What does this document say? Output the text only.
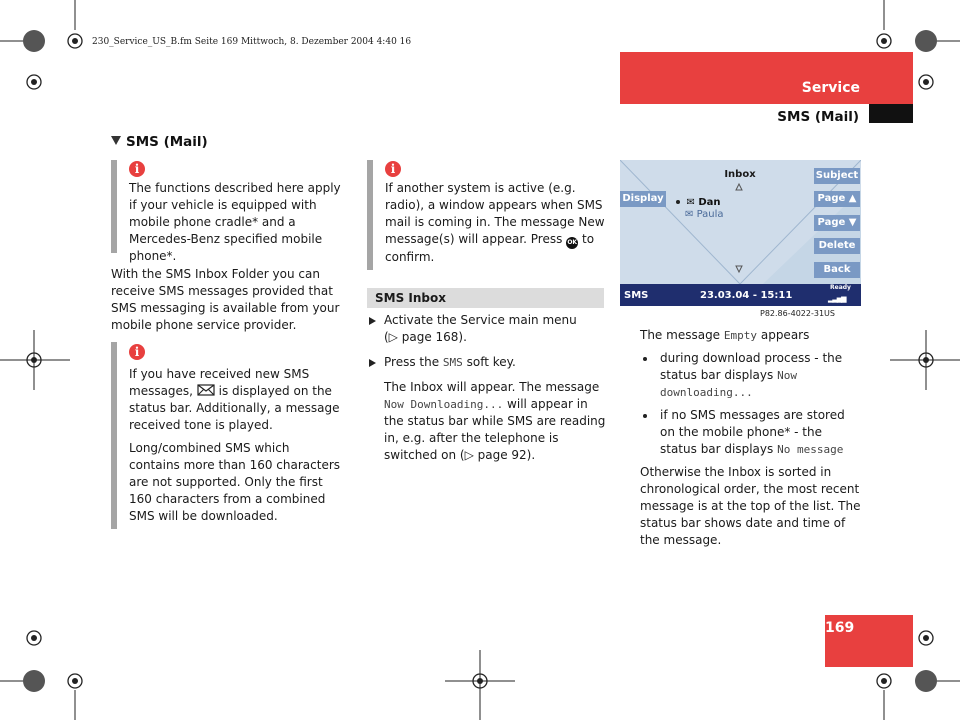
230_Service_US_B.fm Seite 169 Mittwoch, 8. Dezember 2004 4:40 16
Service
SMS (Mail)
SMS (Mail)
i
The functions described here apply if your vehicle is equipped with mobile phone cradle* and a Mercedes-Benz specified mobile phone*.
With the SMS Inbox Folder you can receive SMS messages provided that SMS messaging is available from your mobile phone service provider.
i

If you have received new SMS messages, is displayed on the status bar. Additionally, a message received tone is played.

Long/combined SMS which contains more than 160 characters are not supported. Only the first 160 characters from a combined SMS will be downloaded.

i
If another system is active (e.g. radio), a window appears when SMS mail is coming in. The message New message(s) will appear. Press OK to confirm.
SMS Inbox
Activate the Service main menu
(▷ page 168).
Press the SMS soft key.
The Inbox will appear. The message Now Downloading... will appear in the status bar while SMS are reading in, e.g. after the telephone is switched on (▷ page 92).
Inbox
Display
Subject
Page ▲
Page ▼
Delete
Back
✉ Dan
✉ Paula
SMS	23.03.04 - 15:11
Ready
▂▃▅▆
P82.86-4022-31US
The message Empty appears
during download process - the status bar displays Now downloading...
if no SMS messages are stored on the mobile phone* - the status bar displays No message
Otherwise the Inbox is sorted in chronological order, the most recent message is at the top of the list. The status bar shows date and time of the message.
169
